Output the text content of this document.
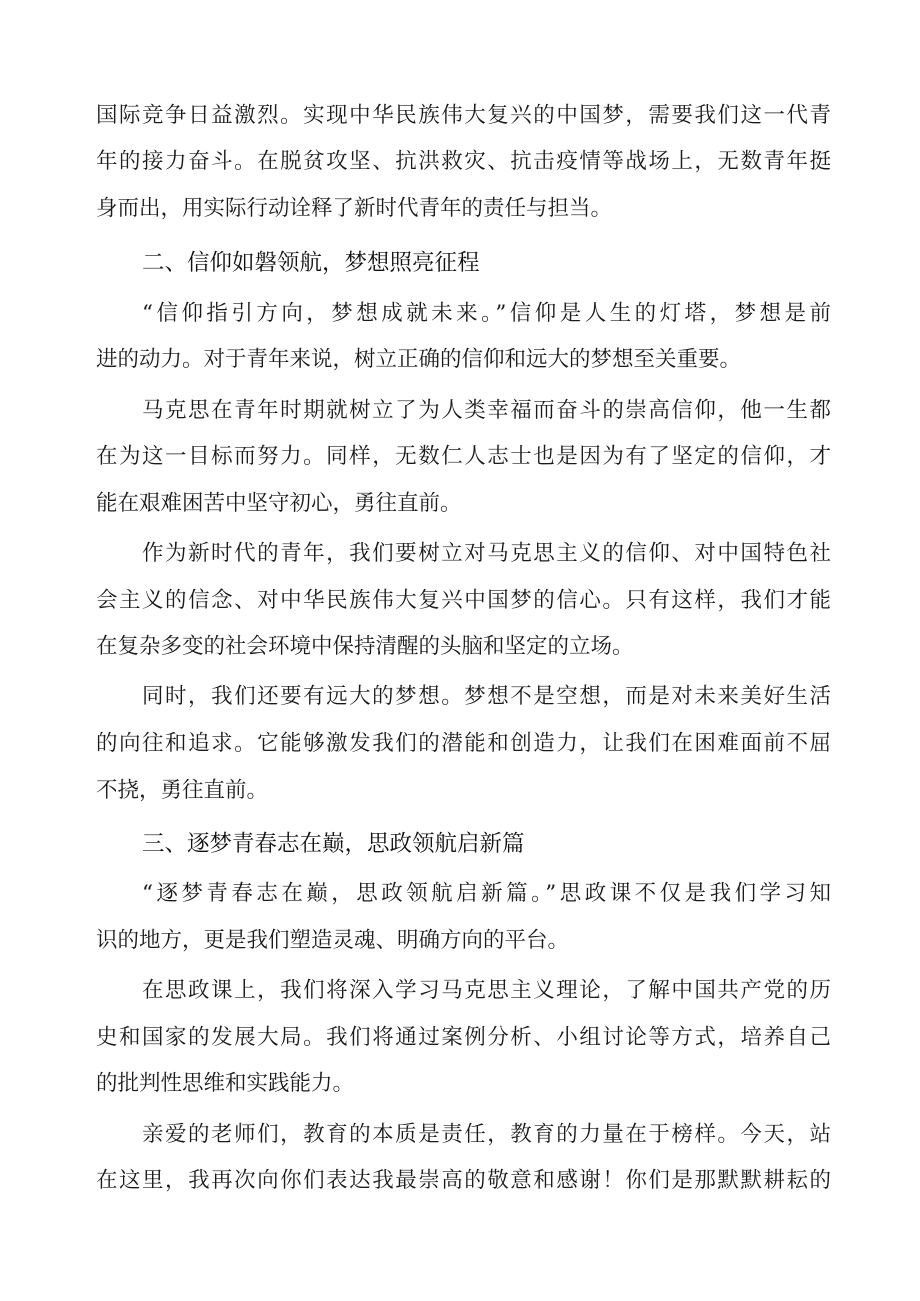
国际竞争日益激烈。实现中华民族伟大复兴的中国梦，需要我们这一代青
年的接力奋斗。在脱贫攻坚、抗洪救灾、抗击疫情等战场上，无数青年挺
身而出，用实际行动诠释了新时代青年的责任与担当。
二、信仰如磐领航，梦想照亮征程
“信仰指引方向，梦想成就未来。”信仰是人生的灯塔，梦想是前
进的动力。对于青年来说，树立正确的信仰和远大的梦想至关重要。
马克思在青年时期就树立了为人类幸福而奋斗的崇高信仰，他一生都
在为这一目标而努力。同样，无数仁人志士也是因为有了坚定的信仰，才
能在艰难困苦中坚守初心，勇往直前。
作为新时代的青年，我们要树立对马克思主义的信仰、对中国特色社
会主义的信念、对中华民族伟大复兴中国梦的信心。只有这样，我们才能
在复杂多变的社会环境中保持清醒的头脑和坚定的立场。
同时，我们还要有远大的梦想。梦想不是空想，而是对未来美好生活
的向往和追求。它能够激发我们的潜能和创造力，让我们在困难面前不屈
不挠，勇往直前。
三、逐梦青春志在巅，思政领航启新篇
“逐梦青春志在巅，思政领航启新篇。”思政课不仅是我们学习知
识的地方，更是我们塑造灵魂、明确方向的平台。
在思政课上，我们将深入学习马克思主义理论，了解中国共产党的历
史和国家的发展大局。我们将通过案例分析、小组讨论等方式，培养自己
的批判性思维和实践能力。
亲爱的老师们，教育的本质是责任，教育的力量在于榜样。今天，站
在这里，我再次向你们表达我最崇高的敬意和感谢！你们是那默默耕耘的
